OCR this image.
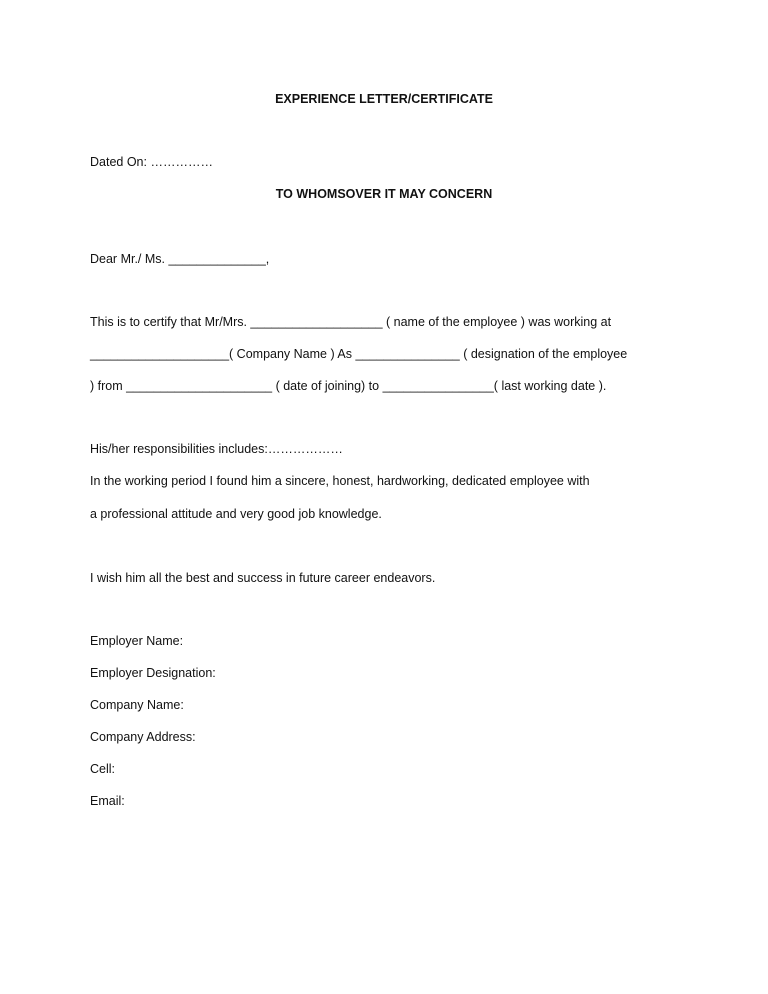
EXPERIENCE LETTER/CERTIFICATE
Dated On: ……………
TO WHOMSOVER IT MAY CONCERN
Dear Mr./ Ms. ______________,
This is to certify that Mr/Mrs. ___________________ ( name of the employee ) was working at
____________________( Company Name ) As _______________ ( designation of the employee
) from _____________________ ( date of joining) to ________________( last working date ).
His/her responsibilities includes:………………
In the working period I found him a sincere, honest, hardworking, dedicated employee with
a professional attitude and very good job knowledge.
I wish him all the best and success in future career endeavors.
Employer Name:
Employer Designation:
Company Name:
Company Address:
Cell:
Email:
